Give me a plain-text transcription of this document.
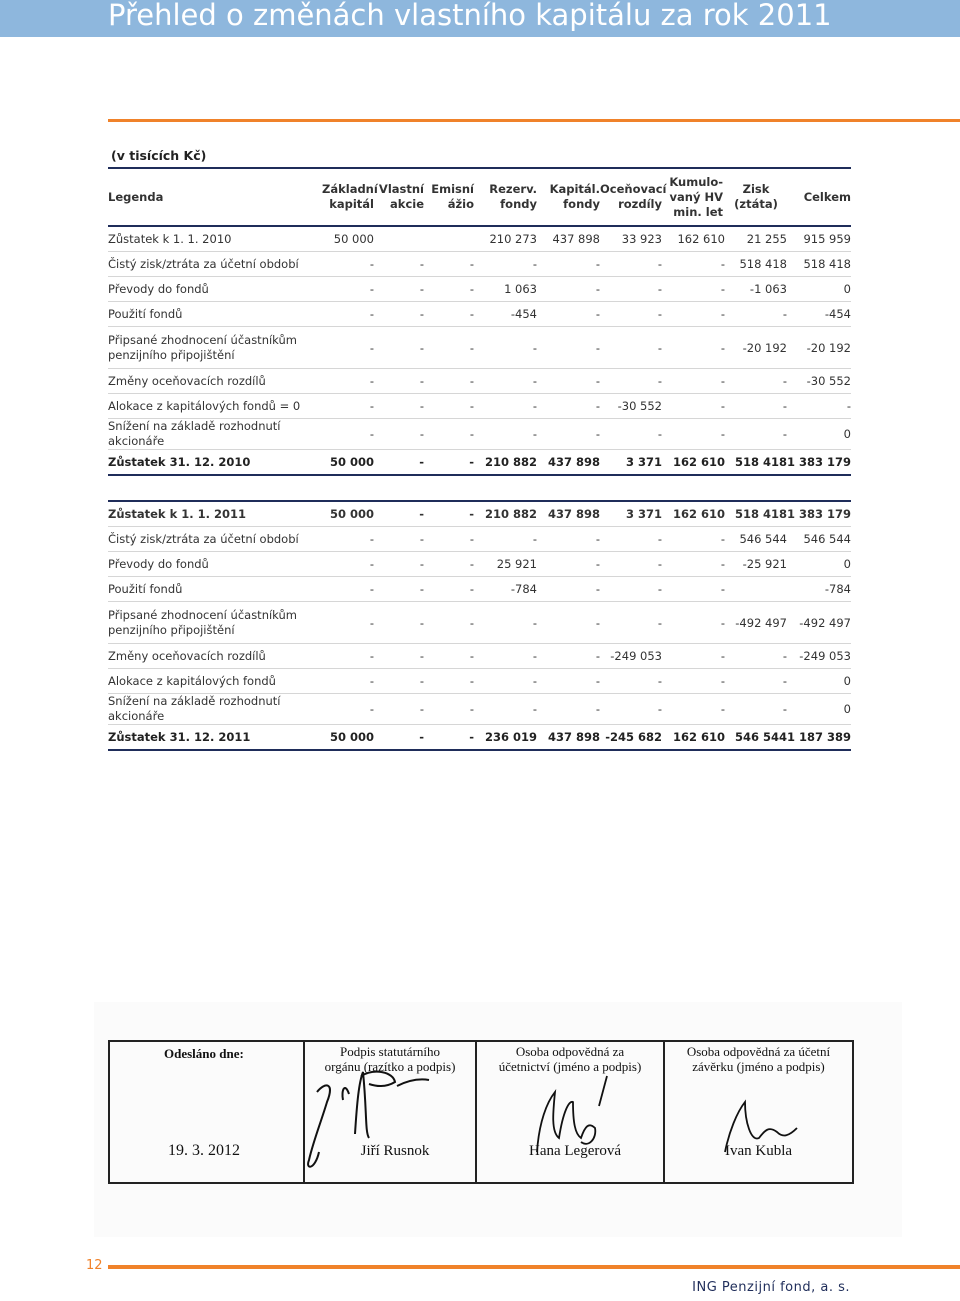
Přehled o změnách vlastního kapitálu za rok 2011
(v tisících Kč)
Legenda	Základní kapitál	Vlastní akcie	Emisní ážio	Rezerv. fondy	Kapitál. fondy	Oceňovací rozdíly	Kumulo-vaný HV min. let	Zisk (ztáta)	Celkem
Zůstatek k 1. 1. 2010	50 000			210 273	437 898	33 923	162 610	21 255	915 959
Čistý zisk/ztráta za účetní období	-	-	-	-	-	-	-	518 418	518 418
Převody do fondů	-	-	-	1 063	-	-	-	-1 063	0
Použití fondů	-	-	-	-454	-	-	-	-	-454
Připsané zhodnocení účastníkům penzijního připojištění	-	-	-	-	-	-	-	-20 192	-20 192
Změny oceňovacích rozdílů	-	-	-	-	-	-	-	-	-30 552
Alokace z kapitálových fondů = 0	-	-	-	-	-	-30 552	-	-	-
Snížení na základě rozhodnutí akcionáře	-	-	-	-	-	-	-	-	0
Zůstatek 31. 12. 2010	50 000	-	-	210 882	437 898	3 371	162 610	518 418	1 383 179

Zůstatek k 1. 1. 2011	50 000	-	-	210 882	437 898	3 371	162 610	518 418	1 383 179
Čistý zisk/ztráta za účetní období	-	-	-	-	-	-	-	546 544	546 544
Převody do fondů	-	-	-	25 921	-	-	-	-25 921	0
Použití fondů	-	-	-	-784	-	-	-		-784
Připsané zhodnocení účastníkům penzijního připojištění	-	-	-	-	-	-	-	-492 497	-492 497
Změny oceňovacích rozdílů	-	-	-	-	-	-249 053	-	-	-249 053
Alokace z kapitálových fondů	-	-	-	-	-	-	-	-	0
Snížení na základě rozhodnutí akcionáře	-	-	-	-	-	-	-	-	0
Zůstatek 31. 12. 2011	50 000	-	-	236 019	437 898	-245 682	162 610	546 544	1 187 389
Odesláno dne:
19. 3. 2012
Podpis statutárního orgánu (razítko a podpis)
Jiří Rusnok
Osoba odpovědná za účetnictví (jméno a podpis)
Hana Legerová
Osoba odpovědná za účetní závěrku (jméno a podpis)
Ivan Kubla
12
ING Penzijní fond, a. s.
